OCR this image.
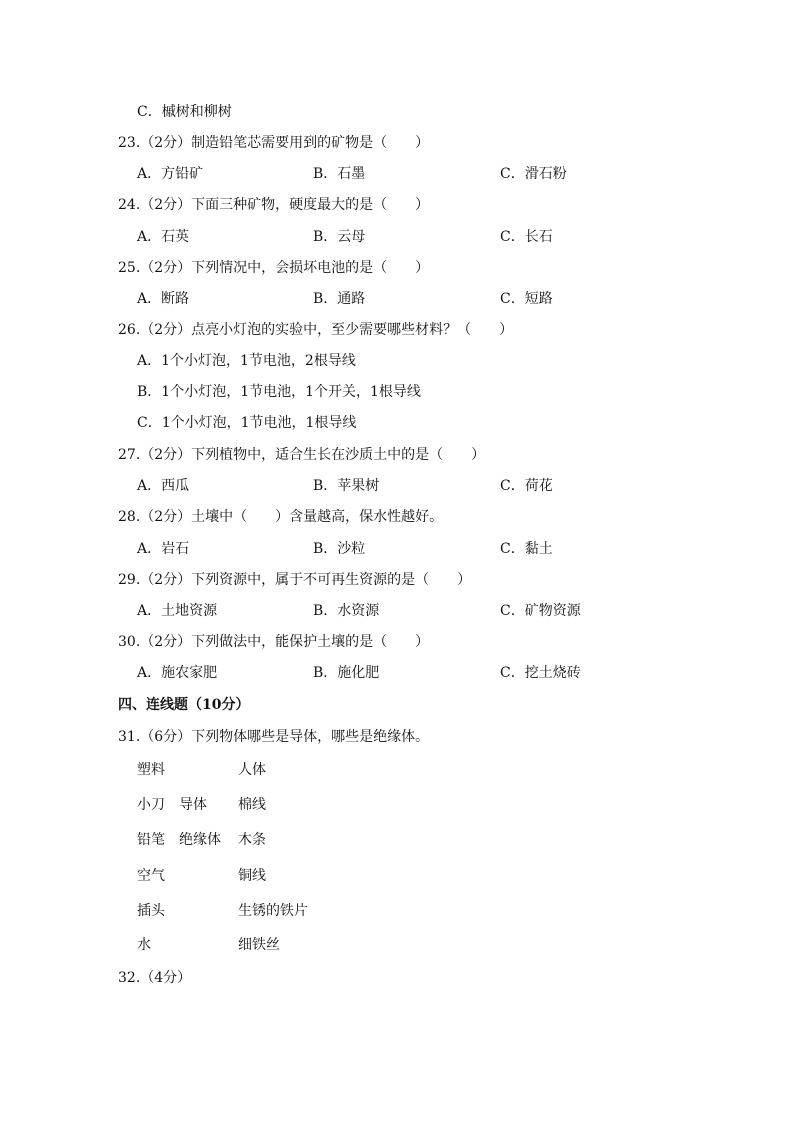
C．槭树和柳树
23.（2分）制造铅笔芯需要用到的矿物是（　　）
A．方铅矿	B．石墨	C．滑石粉
24.（2分）下面三种矿物，硬度最大的是（　　）
A．石英	B．云母	C．长石
25.（2分）下列情况中，会损坏电池的是（　　）
A．断路	B．通路	C．短路
26.（2分）点亮小灯泡的实验中，至少需要哪些材料？（　　）
A．1个小灯泡，1节电池，2根导线
B．1个小灯泡，1节电池，1个开关，1根导线
C．1个小灯泡，1节电池，1根导线
27.（2分）下列植物中，适合生长在沙质土中的是（　　）
A．西瓜	B．苹果树	C．荷花
28.（2分）土壤中（　　）含量越高，保水性越好。
A．岩石	B．沙粒	C．黏土
29.（2分）下列资源中，属于不可再生资源的是（　　）
A．土地资源	B．水资源	C．矿物资源
30.（2分）下列做法中，能保护土壤的是（　　）
A．施农家肥	B．施化肥	C．挖土烧砖
四、连线题（10分）
31.（6分）下列物体哪些是导体，哪些是绝缘体。
塑料	人体
小刀　导体 棉线
铅笔　绝缘体 木条
空气	铜线
插头	生锈的铁片
水	细铁丝
32.（4分）
